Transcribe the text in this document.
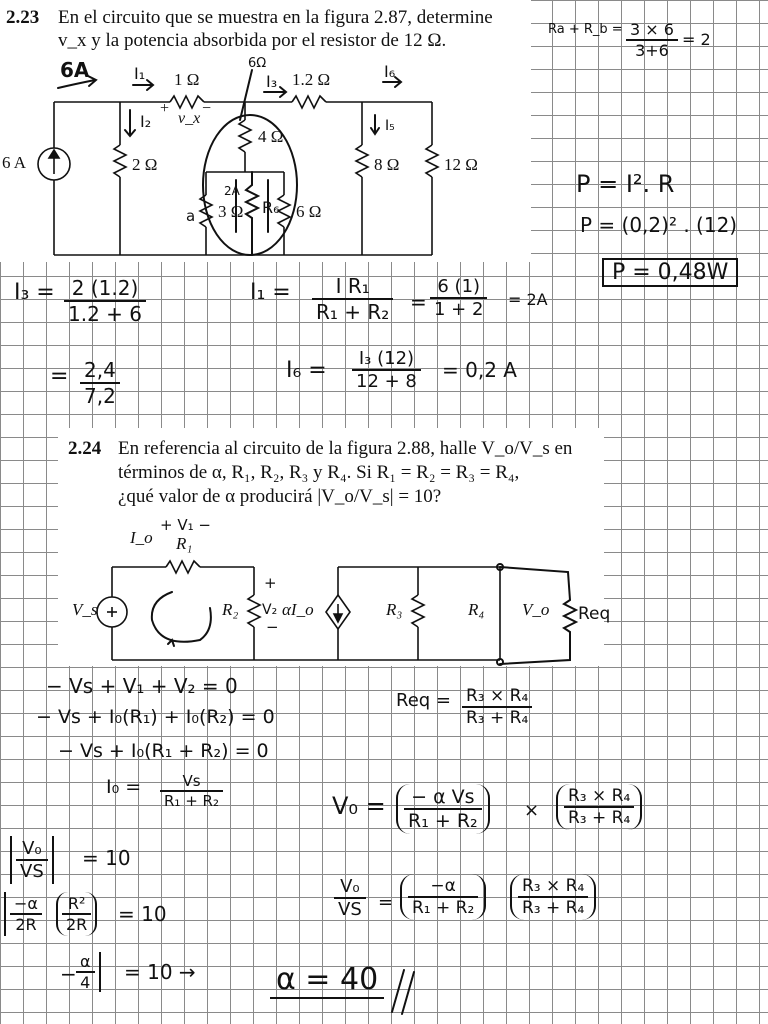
2.23 En el circuito que se muestra en la figura 2.87, determine
v_x y la potencia absorbida por el resistor de 12 Ω.
6 A
1 Ω	1.2 Ω
4 Ω
2 Ω	8 Ω	12 Ω
3 Ω	6 Ω
+
v_x
−
6A	I₁
I₂
I₃
I₆
I₅
6Ω
2A
a	R₆
Ra + R_b = $\frac{3 \times 6}{3+6} = 2$
P = I². R
P = (0,2)² . (12)
P = 0,48W
$I_3 = \frac{2 (1.2)}{1.2 + 6}$
= $\frac{2,4}{7,2}$
$I_1 = \frac{\text{I R₁}}{\text{R₁ + R₂}} = \frac{6 (1)}{1 + 2} = 2A$
$I_6 = \frac{\text{I₃ (12)}}{12 + 8} = 0,2$ A
2.24 En referencia al circuito de la figura 2.88, halle V_o/V_s en
términos de α, R₁, R₂, R₃ y R₄. Si R₁ = R₂ = R₃ = R₄,
¿qué valor de α producirá |V_o/V_s| = 10?
I_o R₁
V_s	R₂	αI_o	R₃	R₄ V_o
+ V₁ −
V₂
+
−
Req
− Vs + V₁ + V₂ = 0
− Vs + I₀(R₁) + I₀(R₂) = 0
− Vs + I₀(R₁ + R₂) = 0
$I_0 = \frac{Vs}{\text{R₁ + R₂}}$
Req = $\frac{\text{R₃ × R₄}}{\text{R₃ + R₄}}$
$V_0 = \frac{\text{− α Vs}}{\text{R₁ + R₂}} \times \frac{\text{R₃ × R₄}}{\text{R₃ + R₄}}$
$\frac{\text{V₀}}{VS} = 10$
$\frac{\text{V₀}}{VS} = \frac{-\alpha}{\text{R₁ + R₂}} \frac{\text{R₃ × R₄}}{\text{R₃ + R₄}}$
$\frac{-\alpha}{2R} \frac{\text{R²}}{2R} = 10$
−
$\frac{\alpha}{4} = 10$ →	α = 40
